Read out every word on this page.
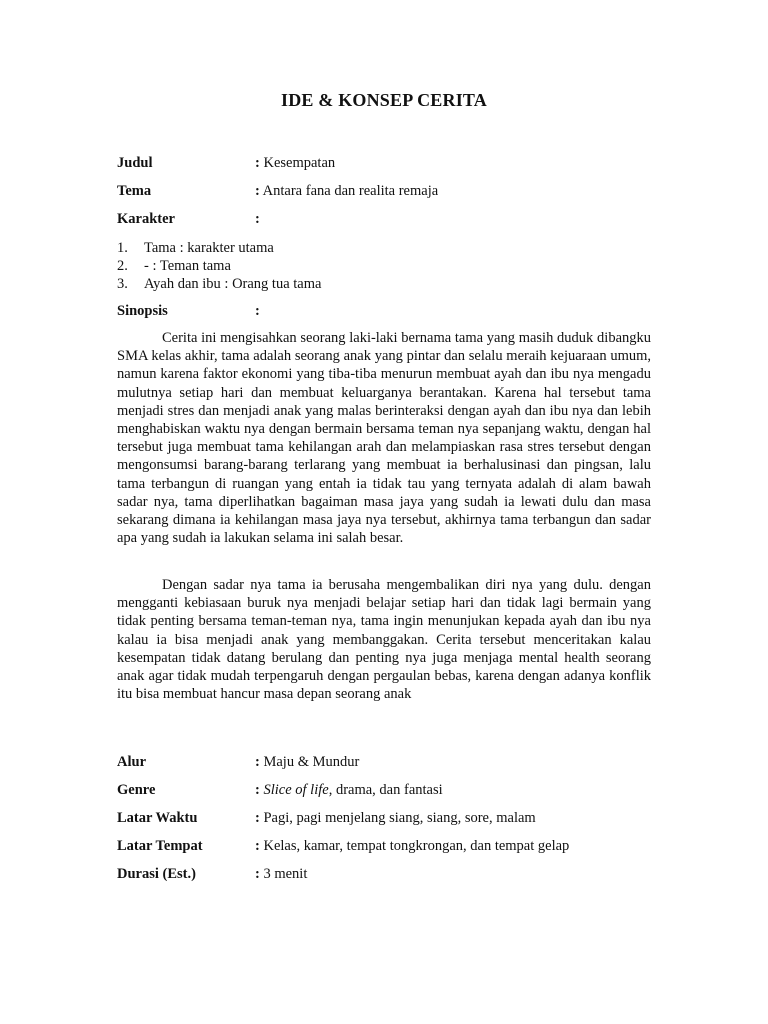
IDE & KONSEP CERITA
Judul	: Kesempatan
Tema	: Antara fana dan realita remaja
Karakter	:
1. Tama : karakter utama
2. - : Teman tama
3. Ayah dan ibu : Orang tua tama
Sinopsis	:

Cerita ini mengisahkan seorang laki-laki bernama tama yang masih duduk dibangku SMA kelas akhir, tama adalah seorang anak yang pintar dan selalu meraih kejuaraan umum, namun karena faktor ekonomi yang tiba-tiba menurun membuat ayah dan ibu nya mengadu mulutnya setiap hari dan membuat keluarganya berantakan. Karena hal tersebut tama menjadi stres dan menjadi anak yang malas berinteraksi dengan ayah dan ibu nya dan lebih menghabiskan waktu nya dengan bermain bersama teman nya sepanjang waktu, dengan hal tersebut juga membuat tama kehilangan arah dan melampiaskan rasa stres tersebut dengan mengonsumsi barang-barang terlarang yang membuat ia berhalusinasi dan pingsan, lalu tama terbangun di ruangan yang entah ia tidak tau yang ternyata adalah di alam bawah sadar nya, tama diperlihatkan bagaiman masa jaya yang sudah ia lewati dulu dan masa sekarang dimana ia kehilangan masa jaya nya tersebut, akhirnya tama terbangun dan sadar apa yang sudah ia lakukan selama ini salah besar.

Dengan sadar nya tama ia berusaha mengembalikan diri nya yang dulu. dengan mengganti kebiasaan buruk nya menjadi belajar setiap hari dan tidak lagi bermain yang tidak penting bersama teman-teman nya, tama ingin menunjukan kepada ayah dan ibu nya kalau ia bisa menjadi anak yang membanggakan. Cerita tersebut menceritakan kalau kesempatan tidak datang berulang dan penting nya juga menjaga mental health seorang anak agar tidak mudah terpengaruh dengan pergaulan bebas, karena dengan adanya konflik itu bisa membuat hancur masa depan seorang anak

Alur	: Maju & Mundur
Genre	: Slice of life, drama, dan fantasi
Latar Waktu	: Pagi, pagi menjelang siang, siang, sore, malam
Latar Tempat	: Kelas, kamar, tempat tongkrongan, dan tempat gelap
Durasi (Est.)	: 3 menit
